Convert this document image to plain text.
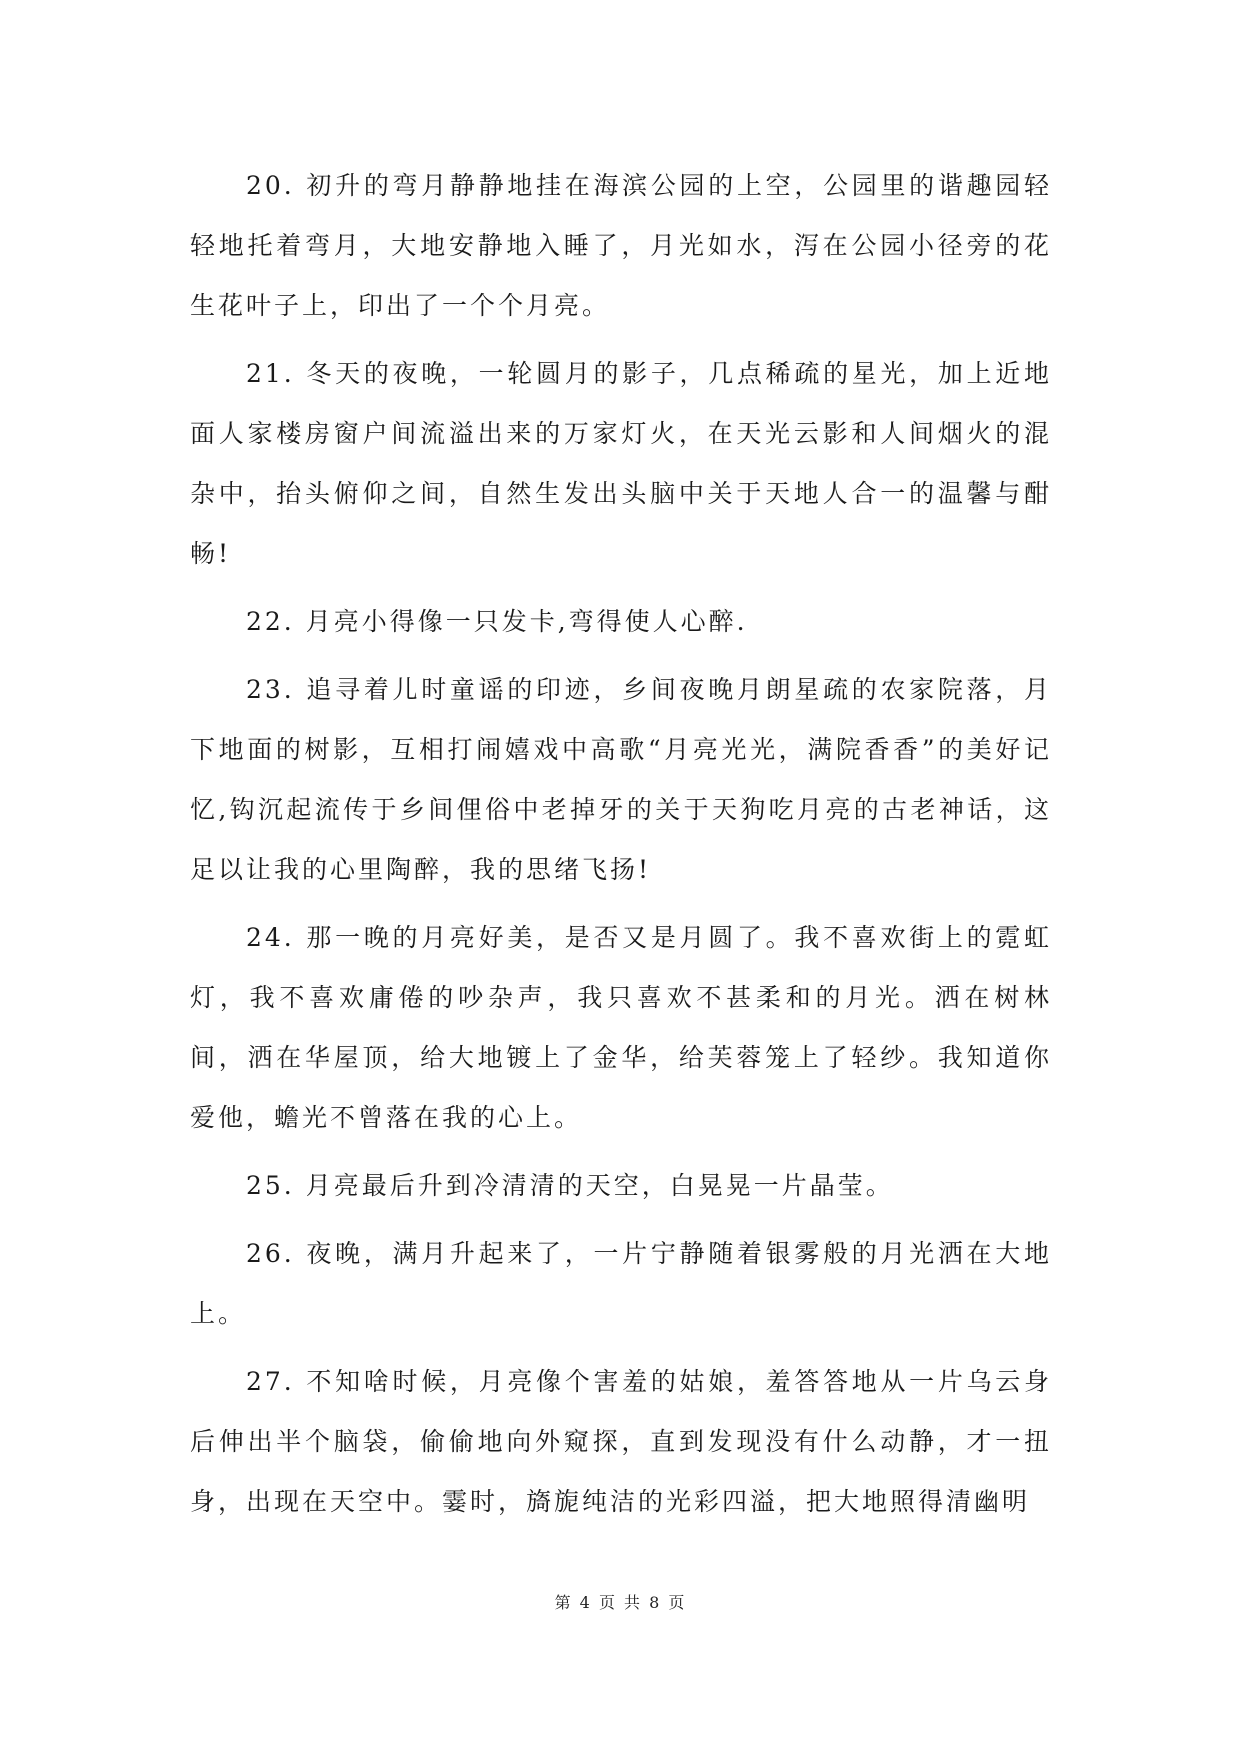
20. 初升的弯月静静地挂在海滨公园的上空，公园里的谐趣园轻轻地托着弯月，大地安静地入睡了，月光如水，泻在公园小径旁的花生花叶子上，印出了一个个月亮。

21. 冬天的夜晚，一轮圆月的影子，几点稀疏的星光，加上近地面人家楼房窗户间流溢出来的万家灯火，在天光云影和人间烟火的混杂中，抬头俯仰之间，自然生发出头脑中关于天地人合一的温馨与酣畅!

22. 月亮小得像一只发卡,弯得使人心醉.

23. 追寻着儿时童谣的印迹，乡间夜晚月朗星疏的农家院落，月下地面的树影，互相打闹嬉戏中高歌“月亮光光，满院香香”的美好记忆,钩沉起流传于乡间俚俗中老掉牙的关于天狗吃月亮的古老神话，这足以让我的心里陶醉，我的思绪飞扬!

24. 那一晚的月亮好美，是否又是月圆了。我不喜欢街上的霓虹灯，我不喜欢庸倦的吵杂声，我只喜欢不甚柔和的月光。洒在树林间，洒在华屋顶，给大地镀上了金华，给芙蓉笼上了轻纱。我知道你爱他，蟾光不曾落在我的心上。

25. 月亮最后升到冷清清的天空，白晃晃一片晶莹。

26. 夜晚，满月升起来了，一片宁静随着银雾般的月光洒在大地上。

27. 不知啥时候，月亮像个害羞的姑娘，羞答答地从一片乌云身后伸出半个脑袋，偷偷地向外窥探，直到发现没有什么动静，才一扭身，出现在天空中。霎时，旖旎纯洁的光彩四溢，把大地照得清幽明

第 4 页 共 8 页
